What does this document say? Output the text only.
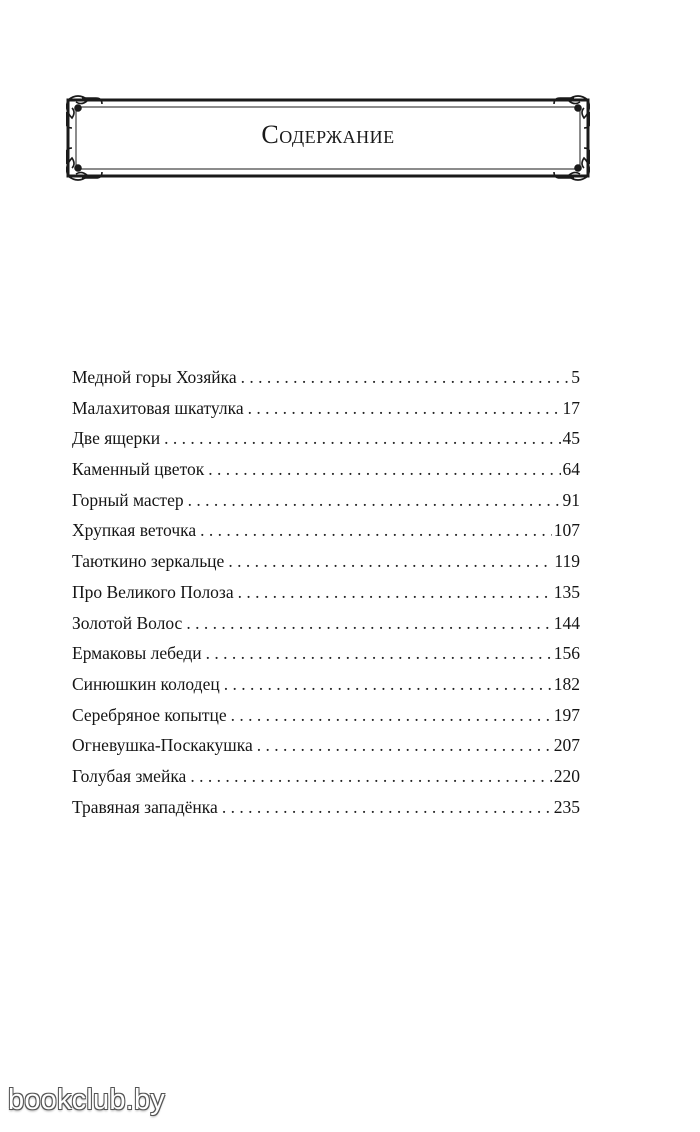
Содержание
Медной горы Хозяйка . . .	5
Малахитовая шкатулка . . .	17
Две ящерки . . .	45
Каменный цветок . . .	64
Горный мастер . . .	91
Хрупкая веточка . . .	107
Таюткино зеркальце . . .	119
Про Великого Полоза . . .	135
Золотой Волос . . .	144
Ермаковы лебеди . . .	156
Синюшкин колодец . . .	182
Серебряное копытце . . .	197
Огневушка-Поскакушка . . .	207
Голубая змейка . . .	220
Травяная западёнка . . .	235
bookclub.by
